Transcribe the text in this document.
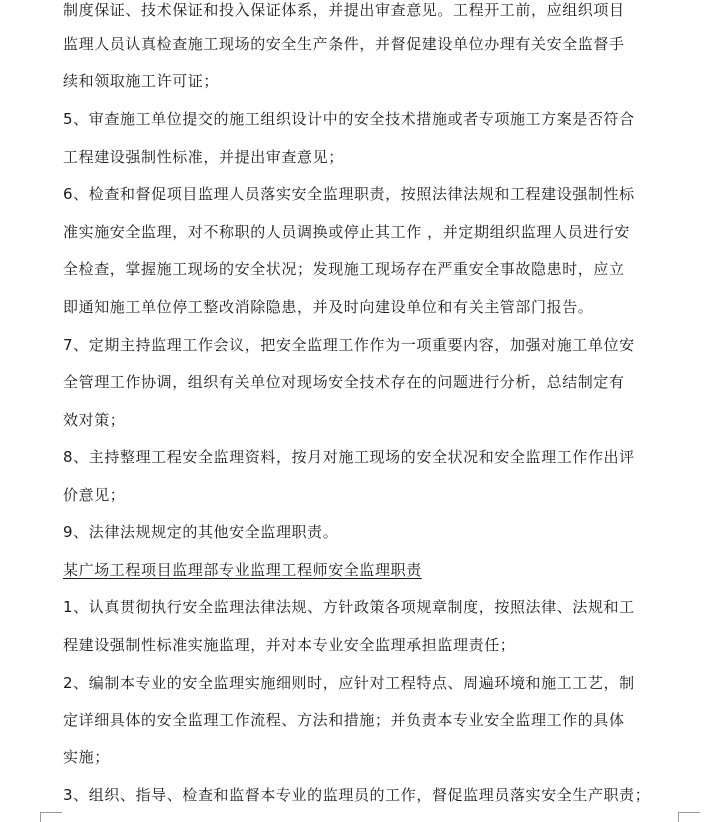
制度保证、技术保证和投入保证体系，并提出审查意见。工程开工前，应组织项目
监理人员认真检查施工现场的安全生产条件，并督促建设单位办理有关安全监督手
续和领取施工许可证；
5、审查施工单位提交的施工组织设计中的安全技术措施或者专项施工方案是否符合
工程建设强制性标准，并提出审查意见；
6、检查和督促项目监理人员落实安全监理职责，按照法律法规和工程建设强制性标
准实施安全监理，对不称职的人员调换或停止其工作 ，并定期组织监理人员进行安
全检查，掌握施工现场的安全状况；发现施工现场存在严重安全事故隐患时，应立
即通知施工单位停工整改消除隐患，并及时向建设单位和有关主管部门报告。
7、定期主持监理工作会议，把安全监理工作作为一项重要内容，加强对施工单位安
全管理工作协调，组织有关单位对现场安全技术存在的问题进行分析，总结制定有
效对策；
8、主持整理工程安全监理资料，按月对施工现场的安全状况和安全监理工作作出评
价意见；
9、法律法规规定的其他安全监理职责。
某广场工程项目监理部专业监理工程师安全监理职责
1、认真贯彻执行安全监理法律法规、方针政策各项规章制度，按照法律、法规和工
程建设强制性标准实施监理，并对本专业安全监理承担监理责任；
2、编制本专业的安全监理实施细则时，应针对工程特点、周遍环境和施工工艺，制
定详细具体的安全监理工作流程、方法和措施；并负责本专业安全监理工作的具体
实施；
3、组织、指导、检查和监督本专业的监理员的工作，督促监理员落实安全生产职责；
